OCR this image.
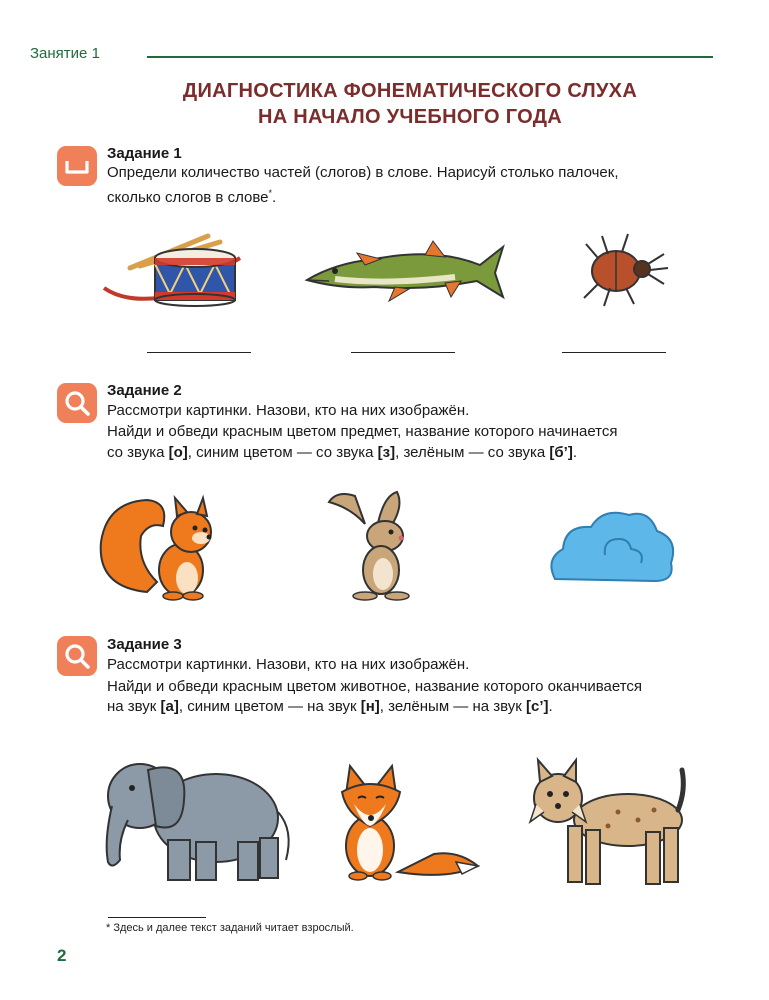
Занятие 1
ДИАГНОСТИКА ФОНЕМАТИЧЕСКОГО СЛУХА
НА НАЧАЛО УЧЕБНОГО ГОДА
Задание 1
Определи количество частей (слогов) в слове. Нарисуй столько палочек,
сколько слогов в слове*.
Задание 2
Рассмотри картинки. Назови, кто на них изображён.
Найди и обведи красным цветом предмет, название которого начинается
со звука [о], синим цветом — со звука [з], зелёным — со звука [б’].
Задание 3
Рассмотри картинки. Назови, кто на них изображён.
Найди и обведи красным цветом животное, название которого оканчивается
на звук [а], синим цветом — на звук [н], зелёным — на звук [с’].
* Здесь и далее текст заданий читает взрослый.
2
